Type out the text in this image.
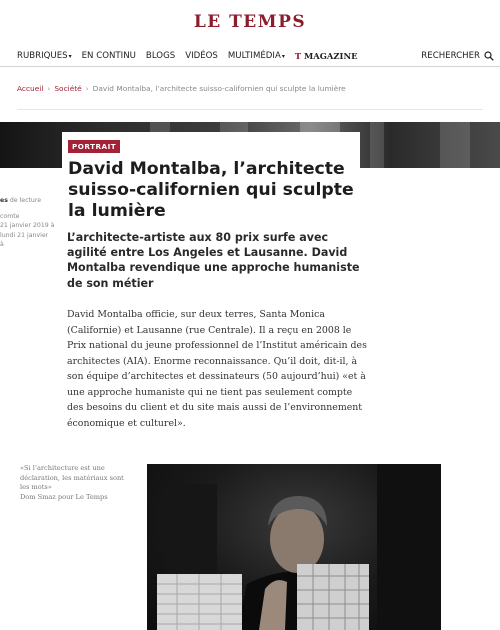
LE TEMPS
RUBRIQUES▾ EN CONTINU BLOGS VIDÉOS MULTIMÉDIA▾ T MAGAZINE	RECHERCHER
Accueil › Société › David Montalba, l’architecte suisso-californien qui sculpte la lumière

es de lecture

comte

21 janvier 2019 à

lundi 21 janvier

à

PORTRAIT
David Montalba, l’architecte suisso-californien qui sculpte la lumière

L’architecte-artiste aux 80 prix surfe avec agilité entre Los Angeles et Lausanne. David Montalba revendique une approche humaniste de son métier

David Montalba officie, sur deux terres, Santa Monica (Californie) et Lausanne (rue Centrale). Il a reçu en 2008 le Prix national du jeune professionnel de l’Institut américain des architectes (AIA). Enorme reconnaissance. Qu’il doit, dit-il, à son équipe d’architectes et dessinateurs (50 aujourd’hui) «et à une approche humaniste qui ne tient pas seulement compte des besoins du client et du site mais aussi de l’environnement économique et culturel».

«Si l’architecture est une déclaration, les matériaux sont les mots»

Dom Smaz pour Le Temps
